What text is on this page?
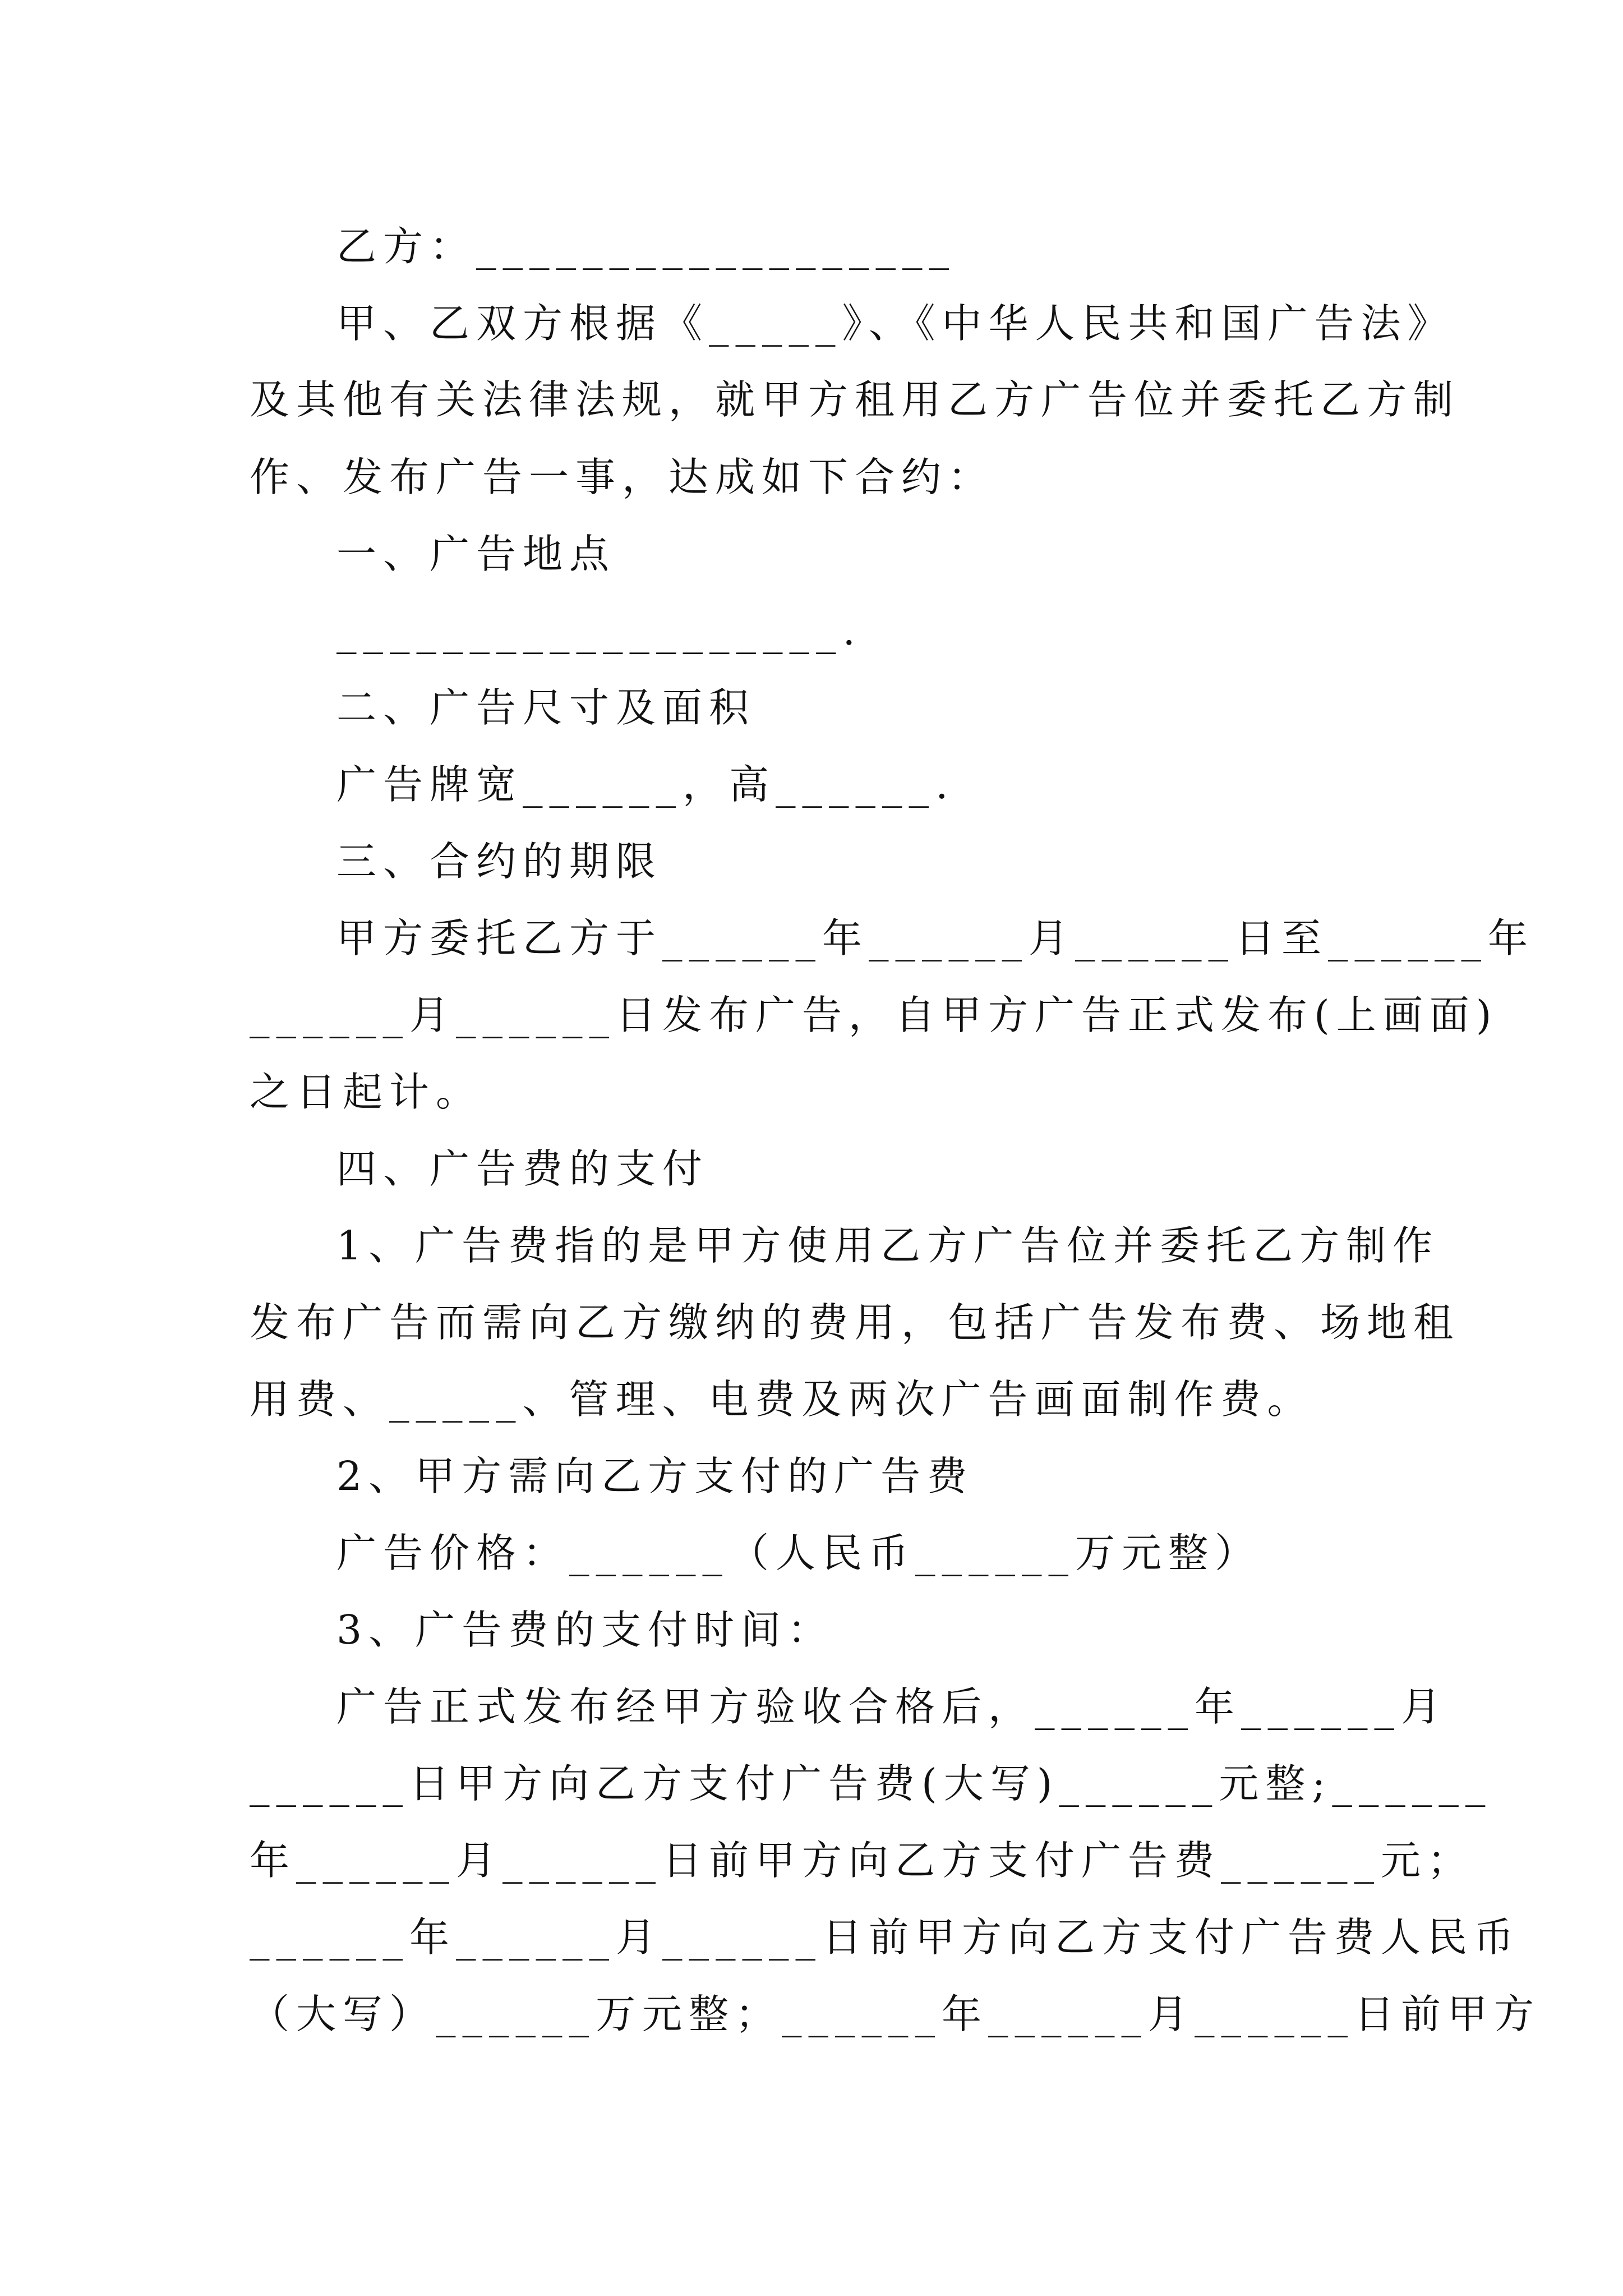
乙方：__________________
甲、乙双方根据《_____》、《中华人民共和国广告法》
及其他有关法律法规，就甲方租用乙方广告位并委托乙方制
作、发布广告一事，达成如下合约：
一、广告地点
___________________.
二、广告尺寸及面积
广告牌宽______，高______.
三、合约的期限
甲方委托乙方于______年______月______日至______年
______月______日发布广告，自甲方广告正式发布(上画面)
之日起计。
四、广告费的支付
1、广告费指的是甲方使用乙方广告位并委托乙方制作
发布广告而需向乙方缴纳的费用，包括广告发布费、场地租
用费、_____、管理、电费及两次广告画面制作费。
2、甲方需向乙方支付的广告费
广告价格：______（人民币______万元整）
3、广告费的支付时间：
广告正式发布经甲方验收合格后，______年______月
______日甲方向乙方支付广告费(大写)______元整;______
年______月______日前甲方向乙方支付广告费______元；
______年______月______日前甲方向乙方支付广告费人民币
（大写）______万元整；______年______月______日前甲方
